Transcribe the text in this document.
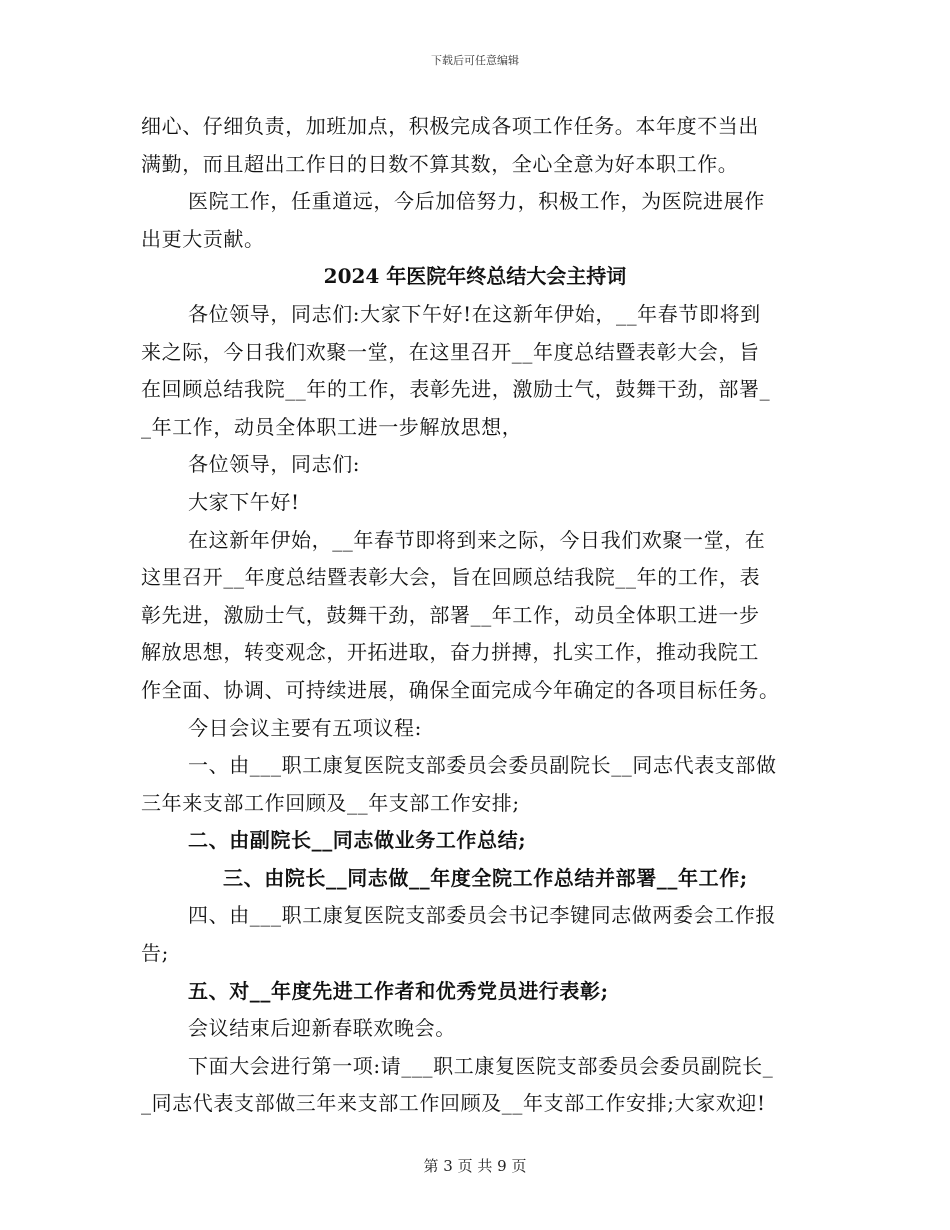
下载后可任意编辑
细心、仔细负责，加班加点，积极完成各项工作任务。本年度不当出
满勤，而且超出工作日的日数不算其数，全心全意为好本职工作。
医院工作，任重道远，今后加倍努力，积极工作，为医院进展作
出更大贡献。
2024 年医院年终总结大会主持词
各位领导，同志们:大家下午好!在这新年伊始，__年春节即将到
来之际，今日我们欢聚一堂，在这里召开__年度总结暨表彰大会，旨
在回顾总结我院__年的工作，表彰先进，激励士气，鼓舞干劲，部署_
_年工作，动员全体职工进一步解放思想，
各位领导，同志们:
大家下午好!
在这新年伊始，__年春节即将到来之际，今日我们欢聚一堂，在
这里召开__年度总结暨表彰大会，旨在回顾总结我院__年的工作，表
彰先进，激励士气，鼓舞干劲，部署__年工作，动员全体职工进一步
解放思想，转变观念，开拓进取，奋力拼搏，扎实工作，推动我院工
作全面、协调、可持续进展，确保全面完成今年确定的各项目标任务。
今日会议主要有五项议程:
一、由___职工康复医院支部委员会委员副院长__同志代表支部做
三年来支部工作回顾及__年支部工作安排;
二、由副院长__同志做业务工作总结;
三、由院长__同志做__年度全院工作总结并部署__年工作;
四、由___职工康复医院支部委员会书记李键同志做两委会工作报
告;
五、对__年度先进工作者和优秀党员进行表彰;
会议结束后迎新春联欢晚会。
下面大会进行第一项:请___职工康复医院支部委员会委员副院长_
_同志代表支部做三年来支部工作回顾及__年支部工作安排;大家欢迎!
第 3 页 共 9 页
